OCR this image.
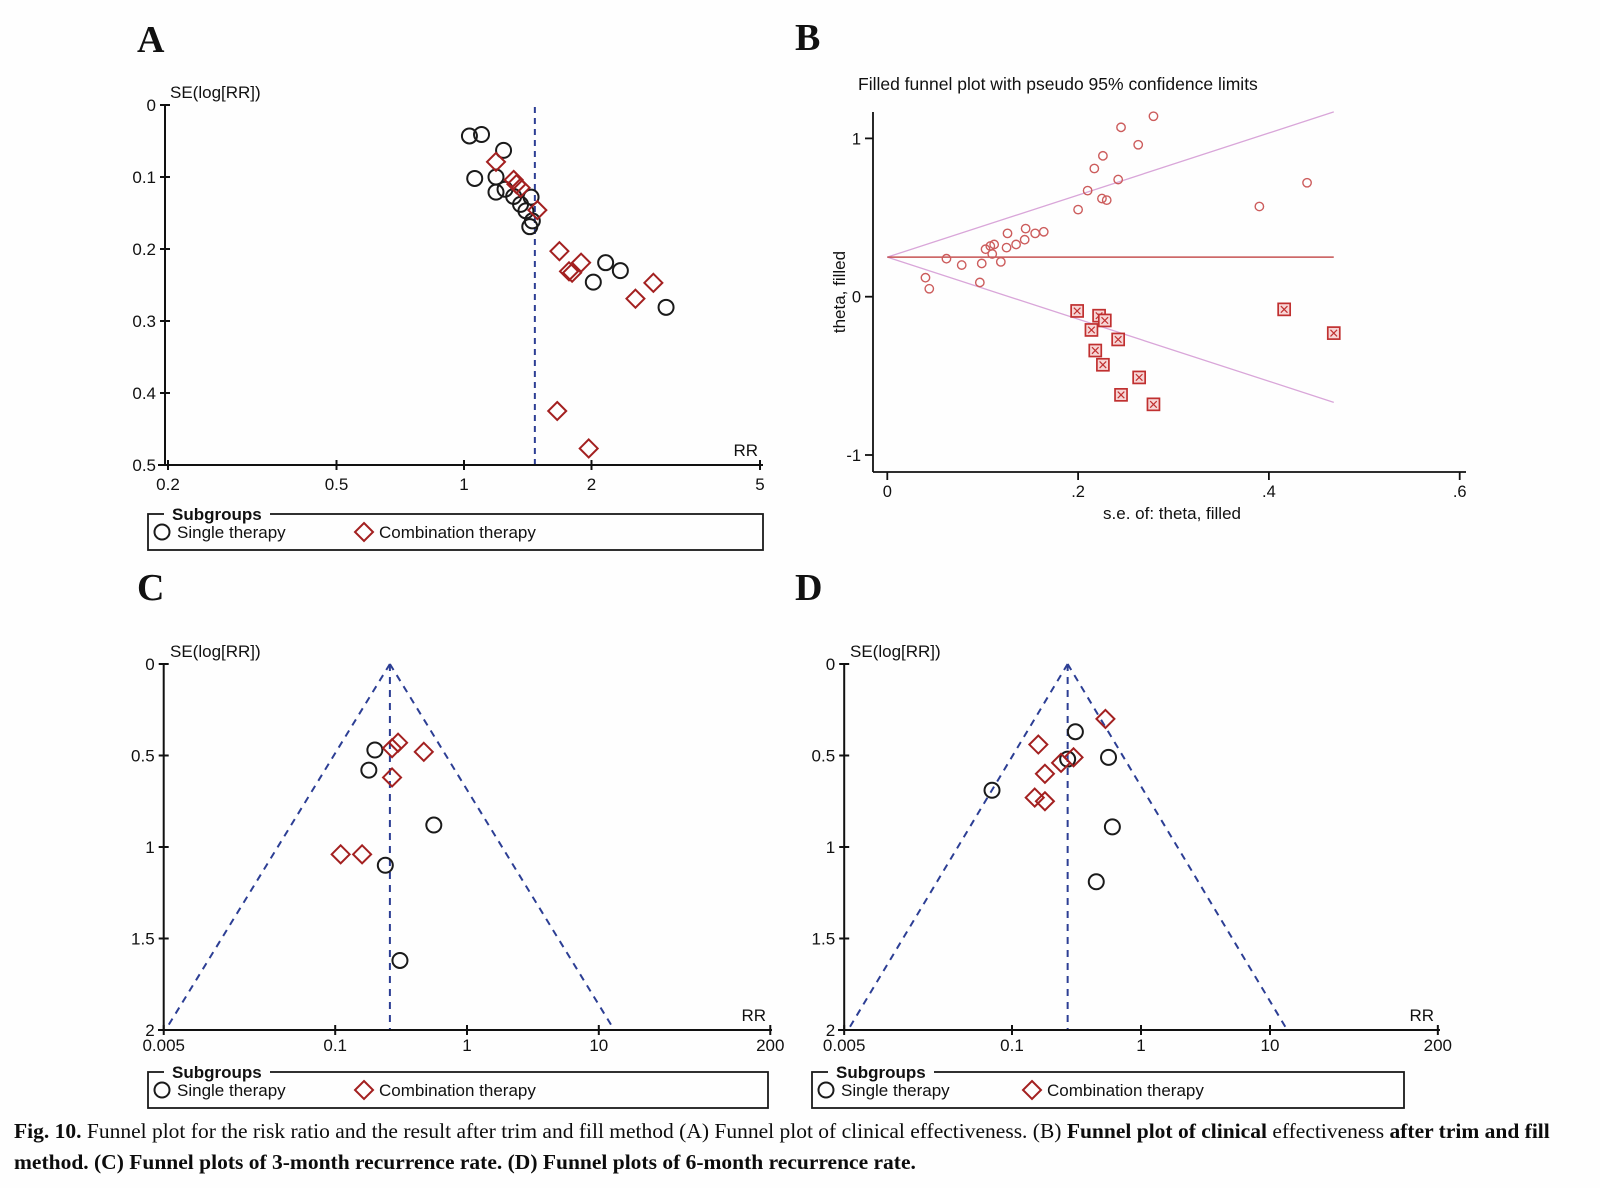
A
SE(log[RR])
RR
0
0.1
0.2
0.3
0.4
0.5
0.2	0.5	1	2	5
Subgroups
Single therapy	Combination therapy
B
Filled funnel plot with pseudo 95% confidence limits
theta, filled
s.e. of: theta, filled
-1
0
1
0	.2	.4	.6
C
SE(log[RR])
RR
0
0.5
1
1.5
2
0.005	0.1	1	10	200
Subgroups
Single therapy	Combination therapy
D
SE(log[RR])
RR
0
0.5
1
1.5
2
0.005	0.1	1	10	200
Subgroups
Single therapy	Combination therapy
Fig. 10. Funnel plot for the risk ratio and the result after trim and fill method (A) Funnel plot of clinical effectiveness. (B) Funnel plot of clinical effectiveness after trim and fill method. (C) Funnel plots of 3-month recurrence rate. (D) Funnel plots of 6-month recurrence rate.
